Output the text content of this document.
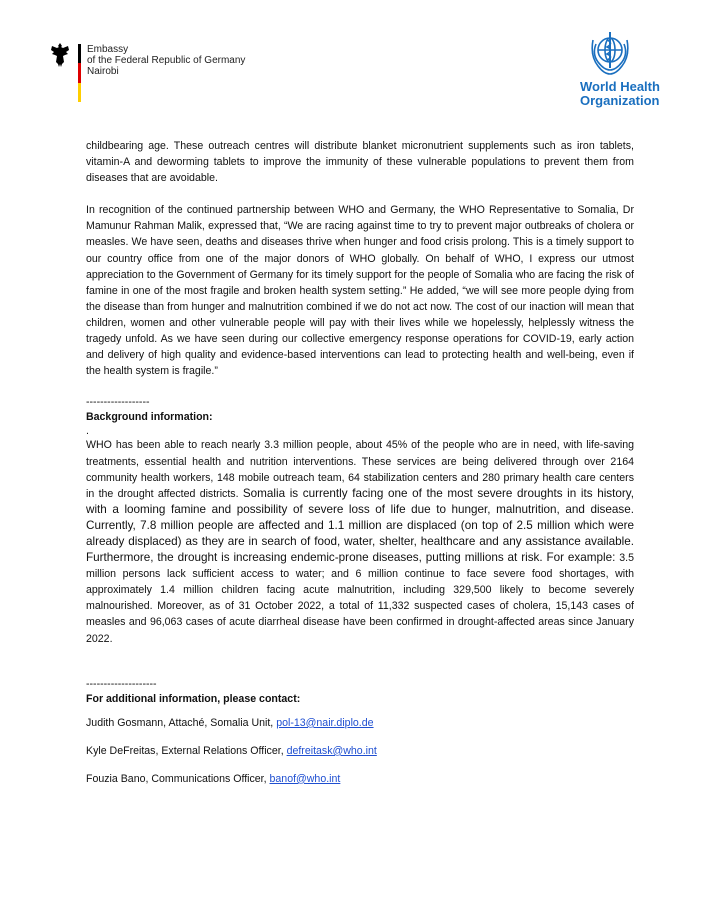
Embassy
of the Federal Republic of Germany
Nairobi
World Health
Organization

childbearing age. These outreach centres will distribute blanket micronutrient supplements such as iron tablets, vitamin-A and deworming tablets to improve the immunity of these vulnerable populations to prevent them from diseases that are avoidable.

In recognition of the continued partnership between WHO and Germany, the WHO Representative to Somalia, Dr Mamunur Rahman Malik, expressed that, “We are racing against time to try to prevent major outbreaks of cholera or measles. We have seen, deaths and diseases thrive when hunger and food crisis prolong. This is a timely support to our country office from one of the major donors of WHO globally. On behalf of WHO, I express our utmost appreciation to the Government of Germany for its timely support for the people of Somalia who are facing the risk of famine in one of the most fragile and broken health system setting.” He added, “we will see more people dying from the disease than from hunger and malnutrition combined if we do not act now. The cost of our inaction will mean that children, women and other vulnerable people will pay with their lives while we hopelessly, helplessly witness the tragedy unfold. As we have seen during our collective emergency response operations for COVID-19, early action and delivery of high quality and evidence-based interventions can lead to protecting health and well-being, even if the health system is fragile.”

------------------
Background information:
.

WHO has been able to reach nearly 3.3 million people, about 45% of the people who are in need, with life-saving treatments, essential health and nutrition interventions. These services are being delivered through over 2164 community health workers, 148 mobile outreach team, 64 stabilization centers and 280 primary health care centers in the drought affected districts. Somalia is currently facing one of the most severe droughts in its history, with a looming famine and possibility of severe loss of life due to hunger, malnutrition, and disease. Currently, 7.8 million people are affected and 1.1 million are displaced (on top of 2.5 million which were already displaced) as they are in search of food, water, shelter, healthcare and any assistance available. Furthermore, the drought is increasing endemic-prone diseases, putting millions at risk. For example: 3.5 million persons lack sufficient access to water; and 6 million continue to face severe food shortages, with approximately 1.4 million children facing acute malnutrition, including 329,500 likely to become severely malnourished. Moreover, as of 31 October 2022, a total of 11,332 suspected cases of cholera, 15,143 cases of measles and 96,063 cases of acute diarrheal disease have been confirmed in drought-affected areas since January 2022.

--------------------
For additional information, please contact:
Judith Gosmann, Attaché, Somalia Unit, pol-13@nair.diplo.de
Kyle DeFreitas, External Relations Officer, defreitask@who.int
Fouzia Bano, Communications Officer, banof@who.int
